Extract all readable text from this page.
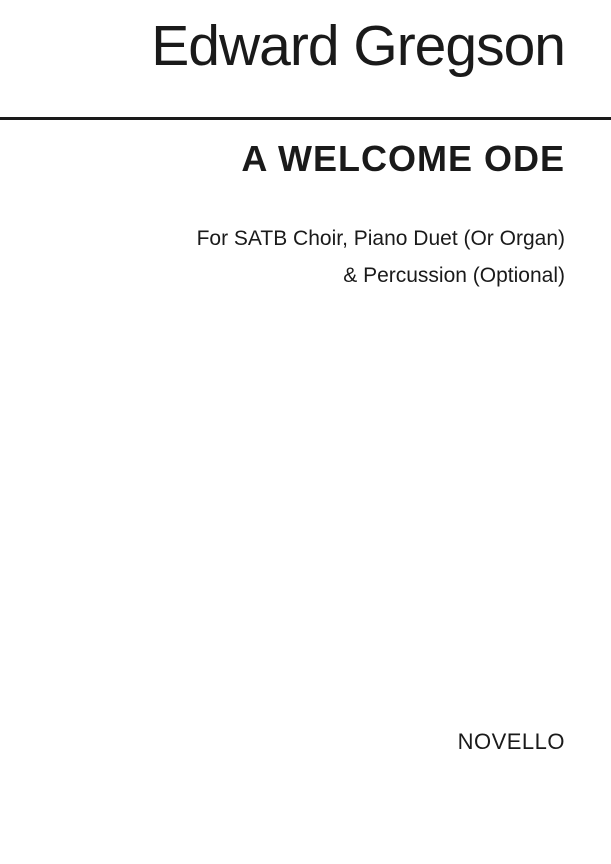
Edward Gregson
A WELCOME ODE
For SATB Choir, Piano Duet (Or Organ)
& Percussion (Optional)
NOVELLO
